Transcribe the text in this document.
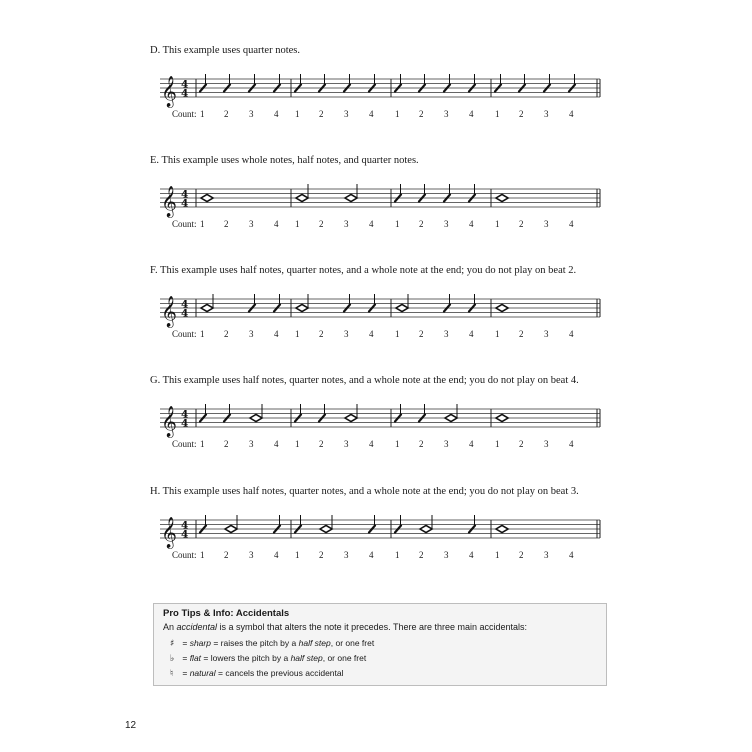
D. This example uses quarter notes.
𝄞 4
4
Count: 1 2 3 4 1 2 3 4 1 2 3 4 1 2 3 4
E. This example uses whole notes, half notes, and quarter notes.
𝄞 4
4
Count: 1 2 3 4 1 2 3 4 1 2 3 4 1 2 3 4
F. This example uses half notes, quarter notes, and a whole note at the end; you do not play on beat 2.
𝄞 4
4
Count: 1 2 3 4 1 2 3 4 1 2 3 4 1 2 3 4
G. This example uses half notes, quarter notes, and a whole note at the end; you do not play on beat 4.
𝄞 4
4
Count: 1 2 3 4 1 2 3 4 1 2 3 4 1 2 3 4
H. This example uses half notes, quarter notes, and a whole note at the end; you do not play on beat 3.
𝄞 4
4
Count: 1 2 3 4 1 2 3 4 1 2 3 4 1 2 3 4
Pro Tips & Info: Accidentals
An accidental is a symbol that alters the note it precedes. There are three main accidentals:
♯ = sharp = raises the pitch by a half step, or one fret
♭ = flat = lowers the pitch by a half step, or one fret
♮ = natural = cancels the previous accidental
12
